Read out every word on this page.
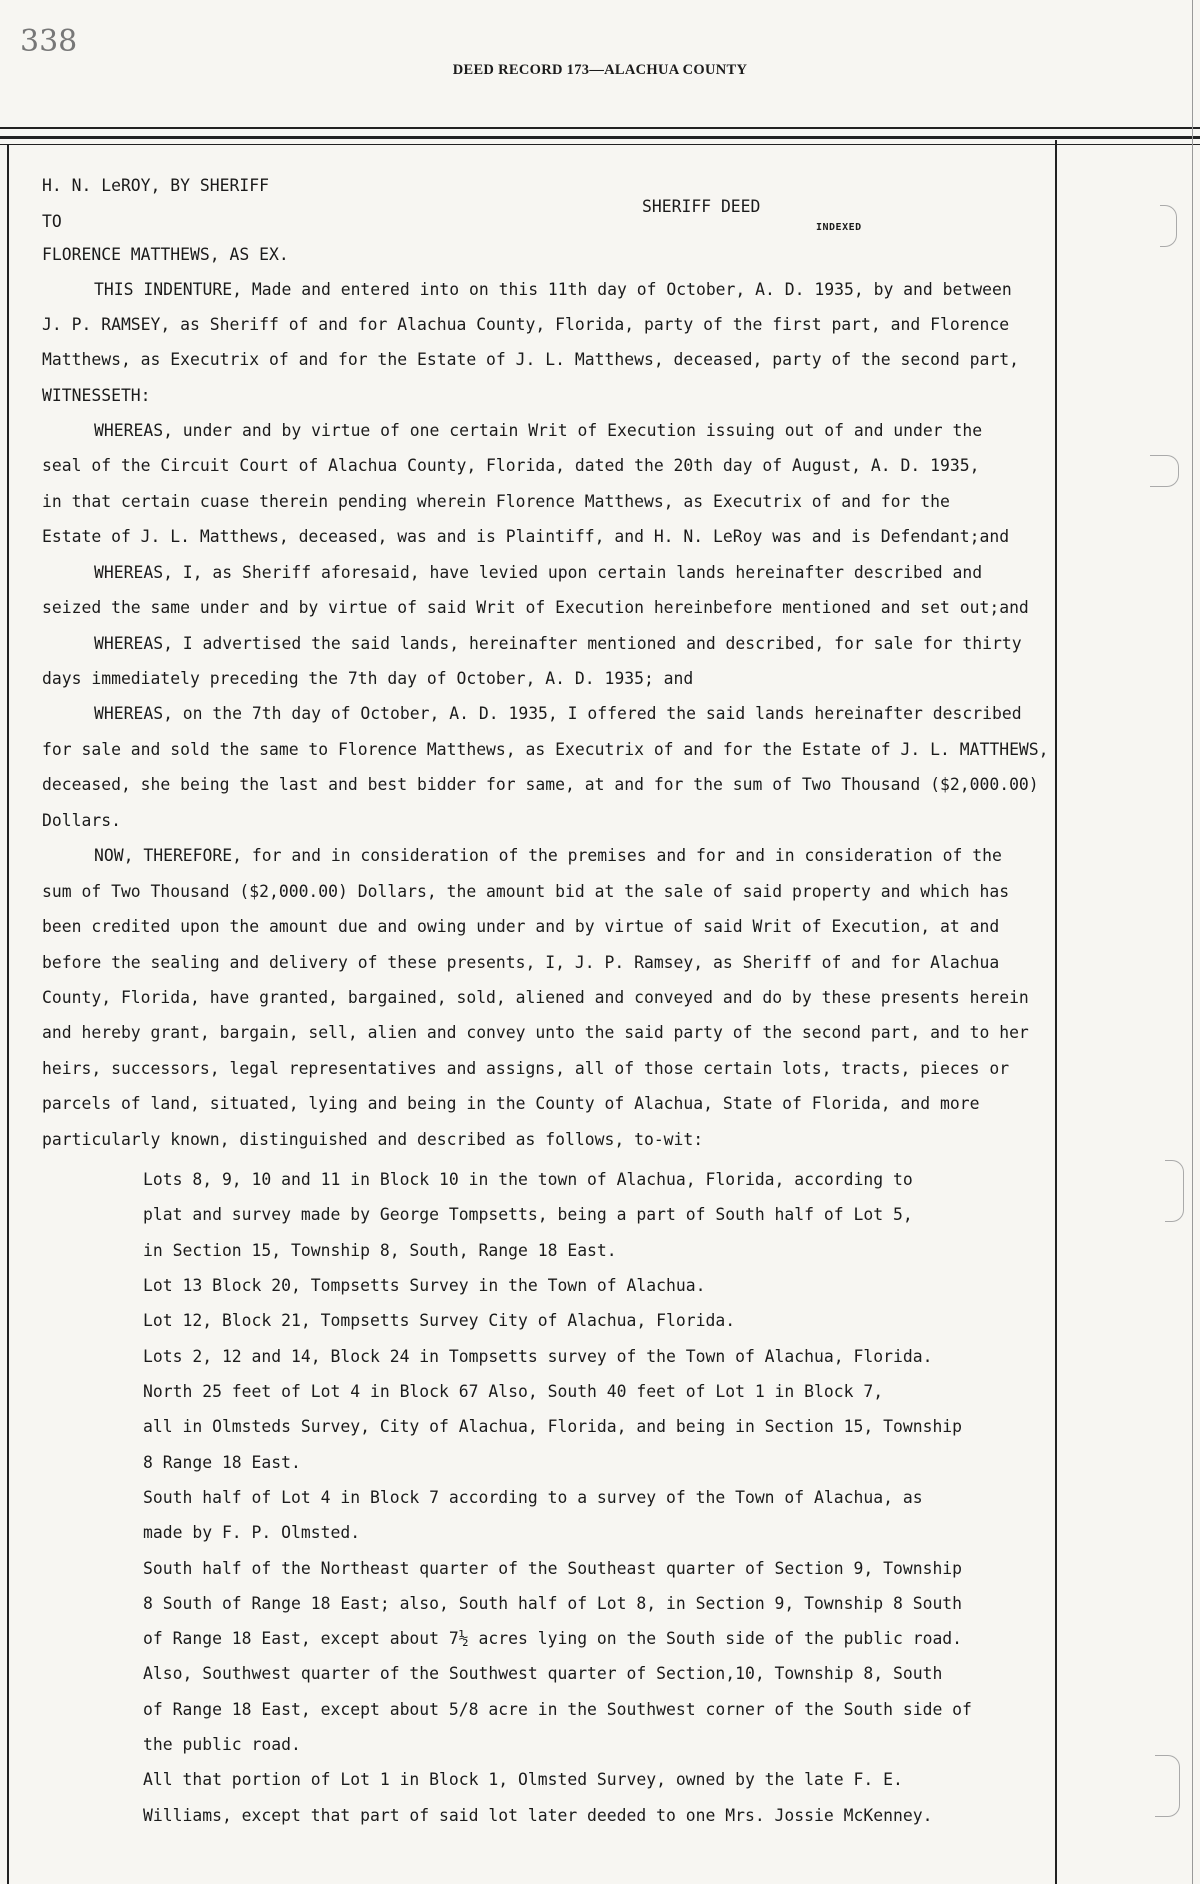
338
DEED RECORD 173—ALACHUA COUNTY
H. N. LeROY, BY SHERIFF
TO
FLORENCE MATTHEWS, AS EX.
SHERIFF DEED
INDEXED
THIS INDENTURE, Made and entered into on this 11th day of October, A. D. 1935, by and between
J. P. RAMSEY, as Sheriff of and for Alachua County, Florida, party of the first part, and Florence
Matthews, as Executrix of and for the Estate of J. L. Matthews, deceased, party of the second part,
WITNESSETH:
WHEREAS, under and by virtue of one certain Writ of Execution issuing out of and under the
seal of the Circuit Court of Alachua County, Florida, dated the 20th day of August, A. D. 1935,
in that certain cuase therein pending wherein Florence Matthews, as Executrix of and for the
Estate of J. L. Matthews, deceased, was and is Plaintiff, and H. N. LeRoy was and is Defendant;and
WHEREAS, I, as Sheriff aforesaid, have levied upon certain lands hereinafter described and
seized the same under and by virtue of said Writ of Execution hereinbefore mentioned and set out;and
WHEREAS, I advertised the said lands, hereinafter mentioned and described, for sale for thirty
days immediately preceding the 7th day of October, A. D. 1935; and
WHEREAS, on the 7th day of October, A. D. 1935, I offered the said lands hereinafter described
for sale and sold the same to Florence Matthews, as Executrix of and for the Estate of J. L. MATTHEWS,
deceased, she being the last and best bidder for same, at and for the sum of Two Thousand ($2,000.00)
Dollars.
NOW, THEREFORE, for and in consideration of the premises and for and in consideration of the
sum of Two Thousand ($2,000.00) Dollars, the amount bid at the sale of said property and which has
been credited upon the amount due and owing under and by virtue of said Writ of Execution, at and
before the sealing and delivery of these presents, I, J. P. Ramsey, as Sheriff of and for Alachua
County, Florida, have granted, bargained, sold, aliened and conveyed and do by these presents herein
and hereby grant, bargain, sell, alien and convey unto the said party of the second part, and to her
heirs, successors, legal representatives and assigns, all of those certain lots, tracts, pieces or
parcels of land, situated, lying and being in the County of Alachua, State of Florida, and more
particularly known, distinguished and described as follows, to-wit:
Lots 8, 9, 10 and 11 in Block 10 in the town of Alachua, Florida, according to
plat and survey made by George Tompsetts, being a part of South half of Lot 5,
in Section 15, Township 8, South, Range 18 East.
Lot 13 Block 20, Tompsetts Survey in the Town of Alachua.
Lot 12, Block 21, Tompsetts Survey City of Alachua, Florida.
Lots 2, 12 and 14, Block 24 in Tompsetts survey of the Town of Alachua, Florida.
North 25 feet of Lot 4 in Block 67 Also, South 40 feet of Lot 1 in Block 7,
all in Olmsteds Survey, City of Alachua, Florida, and being in Section 15, Township
8 Range 18 East.
South half of Lot 4 in Block 7 according to a survey of the Town of Alachua, as
made by F. P. Olmsted.
South half of the Northeast quarter of the Southeast quarter of Section 9, Township
8 South of Range 18 East; also, South half of Lot 8, in Section 9, Township 8 South
of Range 18 East, except about 7½ acres lying on the South side of the public road.
Also, Southwest quarter of the Southwest quarter of Section,10, Township 8, South
of Range 18 East, except about 5/8 acre in the Southwest corner of the South side of
the public road.
All that portion of Lot 1 in Block 1, Olmsted Survey, owned by the late F. E.
Williams, except that part of said lot later deeded to one Mrs. Jossie McKenney.
